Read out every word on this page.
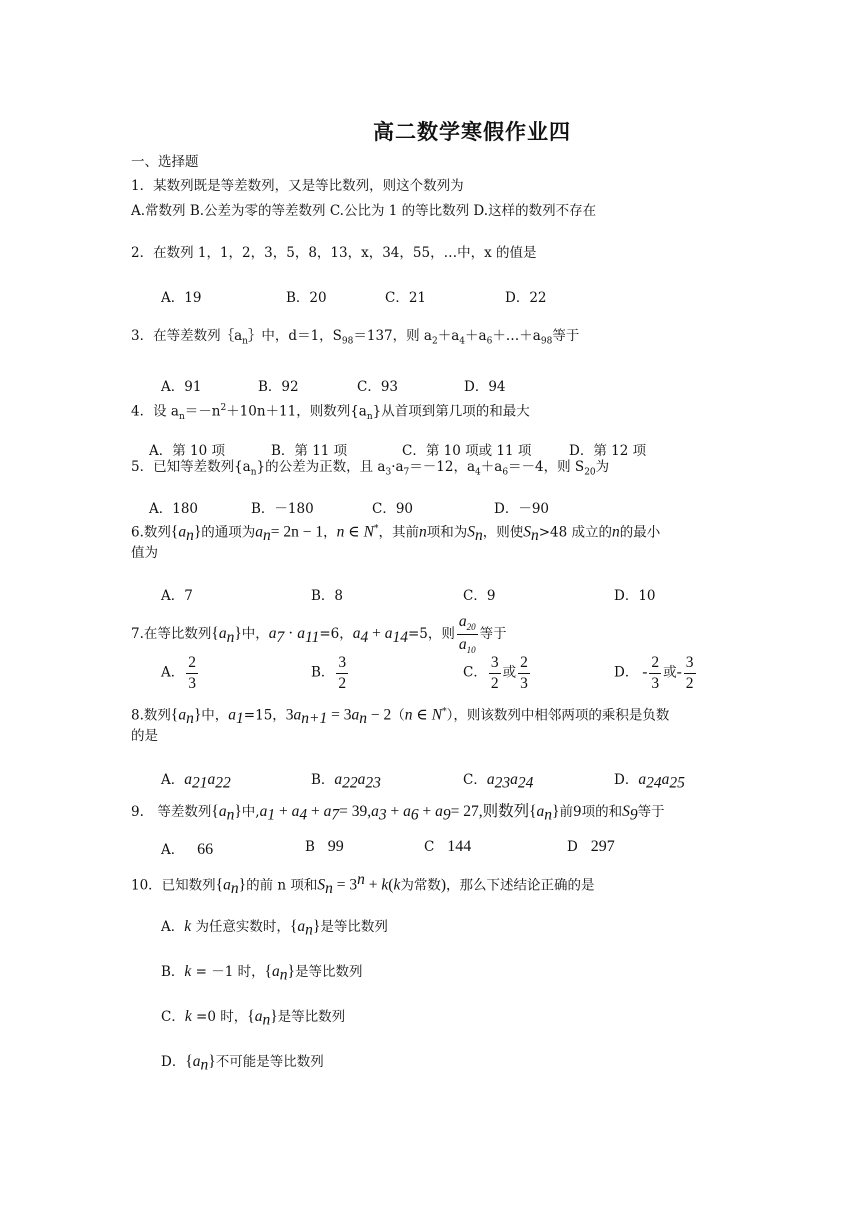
高二数学寒假作业四
一、选择题
1．某数列既是等差数列，又是等比数列，则这个数列为
A.常数列 B.公差为零的等差数列 C.公比为 1 的等比数列 D.这样的数列不存在
2．在数列 1，1，2，3，5，8，13，x，34，55，…中，x 的值是
A．19	B．20	C．21	D．22
3．在等差数列$\{a_n\}$中，d＝1，$S_{98}=137$，则 $a_2+a_4+a_6+\dots+a_{98}$等于
A．91	B．92	C．93	D．94
4．设 $a_n=-n^2+10n+11$，则数列$\{a_n\}$从首项到第几项的和最大
A．第 10 项	B．第 11 项	C．第 10 项或 11 项	D．第 12 项
5．已知等差数列$\{a_n\}$的公差为正数，且 $a_3\cdot a_7=-12$，$a_4+a_6=-4$，则 $S_{20}$为
A．180	B．－180	C．90	D．－90
6.数列$\{a_n\}$的通项为$a_n= 2n - 1$，n ∈ N*，其前n项和为$S_n$，则使$S_n>48$ 成立的n的最小
值为
A．7	B．8	C．9	D．10
7.在等比数列$\{a_n\}$中，$a_7 \cdot a_{11}=6$，$a_4 + a_{14}=5$，则 $\frac{a_{20}}{a_{10}}$ 等于
A． $\frac{2}{3}$	B． $\frac{3}{2}$	C． $\frac{3}{2}$ 或 $\frac{2}{3}$	D． - $\frac{2}{3}$ 或- $\frac{3}{2}$
8.数列$\{a_n\}$中，$a_1=15$，$3a_{n+1} = 3a_n - 2(n$ ∈ N*），则该数列中相邻两项的乘积是负数
的是
A．$a_{21}a_{22}$	B．$a_{22}a_{23}$	C．$a_{23}a_{24}$	D．$a_{24}a_{25}$
9.　等差数列$\{a_n\}$中$,a_1 + a_4 + a_7= 39,a_3 + a_6 + a_9= 27$,则数列$\{a_n\}$前9项的和$S_9$等于
A． 66	B 99	C 144	D 297
10．已知数列$\{a_n\}$的前 n 项和$S_n = 3^n + k(k$为常数)，那么下述结论正确的是
A．k 为任意实数时，$\{a_n\}$是等比数列
B．k = －1 时，$\{a_n\}$是等比数列
C．k =0 时，$\{a_n\}$是等比数列
D．$\{a_n\}$不可能是等比数列
